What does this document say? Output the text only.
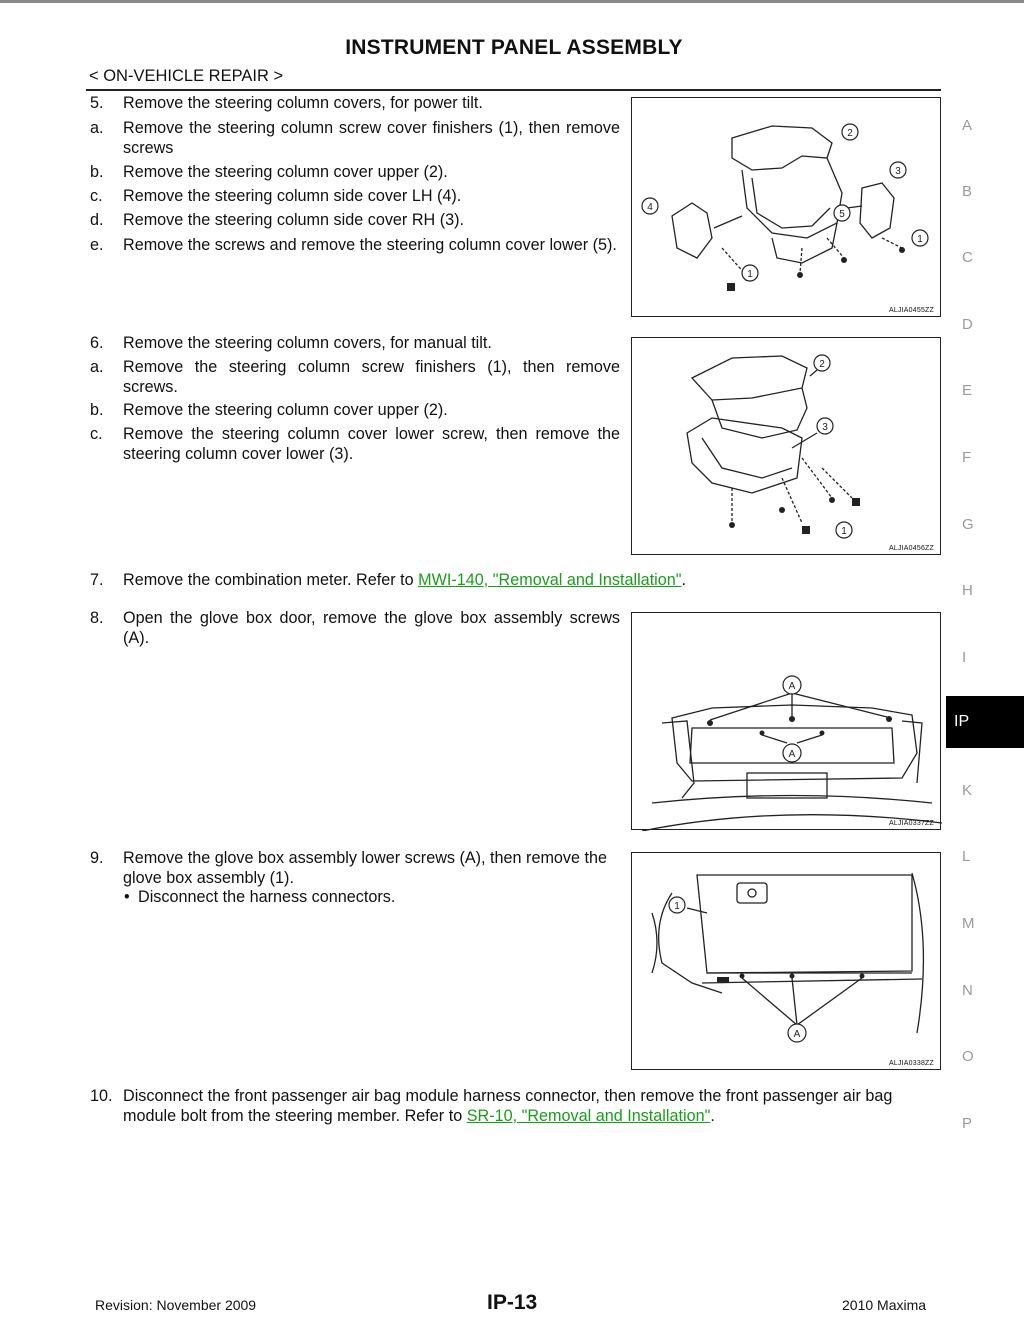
INSTRUMENT PANEL ASSEMBLY
< ON-VEHICLE REPAIR >
5. Remove the steering column covers, for power tilt.
a. Remove the steering column screw cover finishers (1), then remove screws
b. Remove the steering column cover upper (2).
c. Remove the steering column side cover LH (4).
d. Remove the steering column side cover RH (3).
e. Remove the screws and remove the steering column cover lower (5).
2
3
4
5
1
1
ALJIA0455ZZ
6. Remove the steering column covers, for manual tilt.
a. Remove the steering column screw finishers (1), then remove screws.
b. Remove the steering column cover upper (2).
c. Remove the steering column cover lower screw, then remove the steering column cover lower (3).
2
3
1
ALJIA0456ZZ
7. Remove the combination meter. Refer to MWI-140, "Removal and Installation".
8. Open the glove box door, remove the glove box assembly screws (A).
A
A
ALJIA0337ZZ
9. Remove the glove box assembly lower screws (A), then remove the glove box assembly (1).
• Disconnect the harness connectors.
1
A
ALJIA0338ZZ
10. Disconnect the front passenger air bag module harness connector, then remove the front passenger air bag module bolt from the steering member. Refer to SR-10, "Removal and Installation".
A
B
C
D
E
F
G
H
I
IP
K
L
M
N
O
P
Revision: November 2009	IP-13	2010 Maxima
